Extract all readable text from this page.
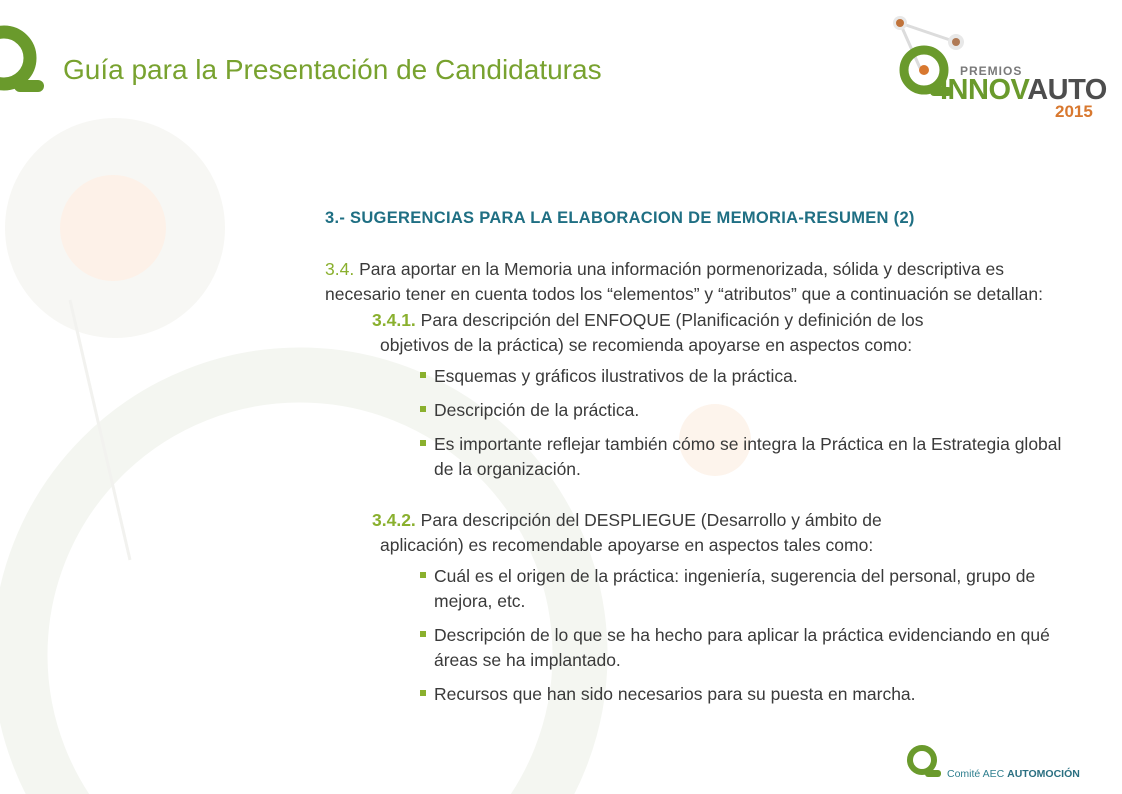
Guía para la Presentación de Candidaturas	PREMIOS
INNOVAUTO
2015

3.- SUGERENCIAS PARA LA ELABORACION DE MEMORIA-RESUMEN (2)

3.4. Para aportar en la Memoria una información pormenorizada, sólida y descriptiva es necesario tener en cuenta todos los “elementos” y “atributos” que a continuación se detallan:

3.4.1. Para descripción del ENFOQUE (Planificación y definición de los
objetivos de la práctica) se recomienda apoyarse en aspectos como:
Esquemas y gráficos ilustrativos de la práctica.
Descripción de la práctica.
Es importante reflejar también cómo se integra la Práctica en la Estrategia global de la organización.
3.4.2. Para descripción del DESPLIEGUE (Desarrollo y ámbito de
aplicación) es recomendable apoyarse en aspectos tales como:
Cuál es el origen de la práctica: ingeniería, sugerencia del personal, grupo de mejora, etc.
Descripción de lo que se ha hecho para aplicar la práctica evidenciando en qué áreas se ha implantado.
Recursos que han sido necesarios para su puesta en marcha.
Comité AEC AUTOMOCIÓN
